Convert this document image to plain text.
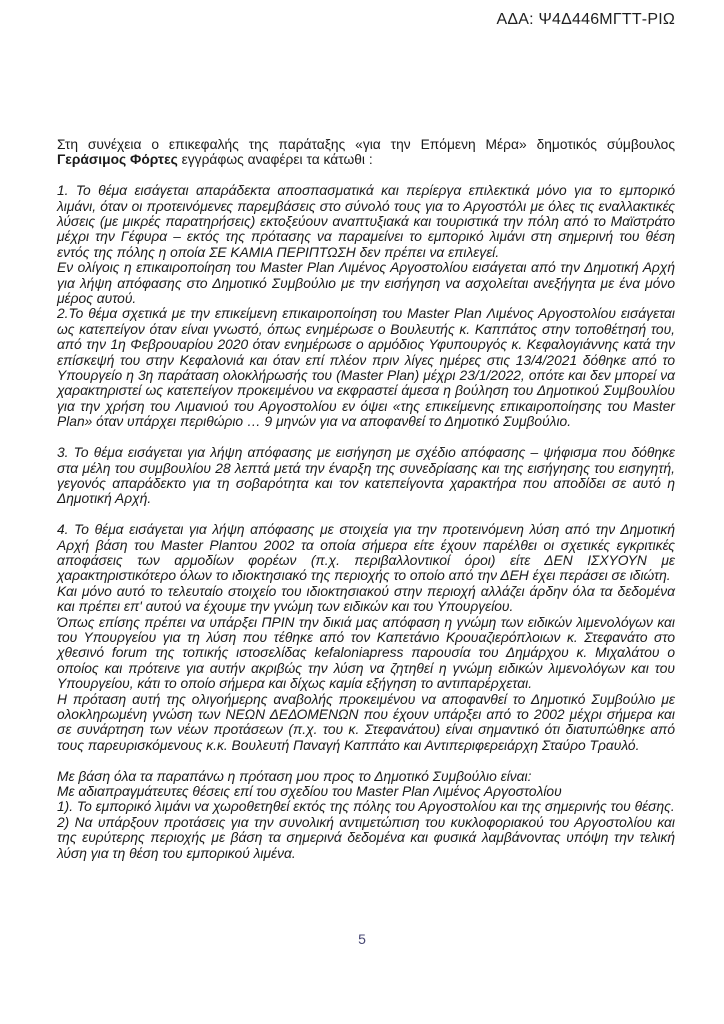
ΑΔΑ: Ψ4Δ446ΜΓΤΤ-ΡΙΩ

Στη συνέχεια ο επικεφαλής της παράταξης «για την Επόμενη Μέρα» δημοτικός σύμβουλος Γεράσιμος Φόρτες εγγράφως αναφέρει τα κάτωθι :

1. Το θέμα εισάγεται απαράδεκτα αποσπασματικά και περίεργα επιλεκτικά μόνο για το εμπορικό λιμάνι, όταν οι προτεινόμενες παρεμβάσεις στο σύνολό τους για το Αργοστόλι με όλες τις εναλλακτικές λύσεις (με μικρές παρατηρήσεις) εκτοξεύουν αναπτυξιακά και τουριστικά την πόλη από το Μαϊστράτο μέχρι την Γέφυρα – εκτός της πρότασης να παραμείνει το εμπορικό λιμάνι στη σημερινή του θέση εντός της πόλης η οποία ΣΕ ΚΑΜΙΑ ΠΕΡΙΠΤΩΣΗ δεν πρέπει να επιλεγεί.

Εν ολίγοις η επικαιροποίηση του Master Plan Λιμένος Αργοστολίου εισάγεται από την Δημοτική Αρχή για λήψη απόφασης στο Δημοτικό Συμβούλιο με την εισήγηση να ασχολείται ανεξήγητα με ένα μόνο μέρος αυτού.

2.Το θέμα σχετικά με την επικείμενη επικαιροποίηση του Master Plan Λιμένος Αργοστολίου εισάγεται ως κατεπείγον όταν είναι γνωστό, όπως ενημέρωσε ο Βουλευτής κ. Καππάτος στην τοποθέτησή του, από την 1η Φεβρουαρίου 2020 όταν ενημέρωσε ο αρμόδιος Υφυπουργός κ. Κεφαλογιάννης κατά την επίσκεψή του στην Κεφαλονιά και όταν επί πλέον πριν λίγες ημέρες στις 13/4/2021 δόθηκε από το Υπουργείο η 3η παράταση ολοκλήρωσής του (Master Plan) μέχρι 23/1/2022, οπότε και δεν μπορεί να χαρακτηριστεί ως κατεπείγον προκειμένου να εκφραστεί άμεσα η βούληση του Δημοτικού Συμβουλίου για την χρήση του Λιμανιού του Αργοστολίου εν όψει «της επικείμενης επικαιροποίησης του Master Plan» όταν υπάρχει περιθώριο … 9 μηνών για να αποφανθεί το Δημοτικό Συμβούλιο.

3. Το θέμα εισάγεται για λήψη απόφασης με εισήγηση με σχέδιο απόφασης – ψήφισμα που δόθηκε στα μέλη του συμβουλίου 28 λεπτά μετά την έναρξη της συνεδρίασης και της εισήγησης του εισηγητή, γεγονός απαράδεκτο για τη σοβαρότητα και τον κατεπείγοντα χαρακτήρα που αποδίδει σε αυτό η Δημοτική Αρχή.

4. Το θέμα εισάγεται για λήψη απόφασης με στοιχεία για την προτεινόμενη λύση από την Δημοτική Αρχή βάση του Master Planτου 2002 τα οποία σήμερα είτε έχουν παρέλθει οι σχετικές εγκριτικές αποφάσεις των αρμοδίων φορέων (π.χ. περιβαλλοντικοί όροι) είτε ΔΕΝ ΙΣΧΥΟΥΝ με χαρακτηριστικότερο όλων το ιδιοκτησιακό της περιοχής το οποίο από την ΔΕΗ έχει περάσει σε ιδιώτη.

Και μόνο αυτό το τελευταίο στοιχείο του ιδιοκτησιακού στην περιοχή αλλάζει άρδην όλα τα δεδομένα και πρέπει επ' αυτού να έχουμε την γνώμη των ειδικών και του Υπουργείου.

Όπως επίσης πρέπει να υπάρξει ΠΡΙΝ την δικιά μας απόφαση η γνώμη των ειδικών λιμενολόγων και του Υπουργείου για τη λύση που τέθηκε από τον Καπετάνιο Κρουαζιερόπλοιων κ. Στεφανάτο στο χθεσινό forum της τοπικής ιστοσελίδας kefaloniapress παρουσία του Δημάρχου κ. Μιχαλάτου ο οποίος και πρότεινε για αυτήν ακριβώς την λύση να ζητηθεί η γνώμη ειδικών λιμενολόγων και του Υπουργείου, κάτι το οποίο σήμερα και δίχως καμία εξήγηση το αντιπαρέρχεται.

Η πρόταση αυτή της ολιγοήμερης αναβολής προκειμένου να αποφανθεί το Δημοτικό Συμβούλιο με ολοκληρωμένη γνώση των ΝΕΩΝ ΔΕΔΟΜΕΝΩΝ που έχουν υπάρξει από το 2002 μέχρι σήμερα και σε συνάρτηση των νέων προτάσεων (π.χ. του κ. Στεφανάτου) είναι σημαντικό ότι διατυπώθηκε από τους παρευρισκόμενους κ.κ. Βουλευτή Παναγή Καππάτο και Αντιπεριφερειάρχη Σταύρο Τραυλό.

Με βάση όλα τα παραπάνω η πρόταση μου προς το Δημοτικό Συμβούλιο είναι:

Με αδιαπραγμάτευτες θέσεις επί του σχεδίου του Master Plan Λιμένος Αργοστολίου

1). Το εμπορικό λιμάνι να χωροθετηθεί εκτός της πόλης του Αργοστολίου και της σημερινής του θέσης.

2) Να υπάρξουν προτάσεις για την συνολική αντιμετώπιση του κυκλοφοριακού του Αργοστολίου και της ευρύτερης περιοχής με βάση τα σημερινά δεδομένα και φυσικά λαμβάνοντας υπόψη την τελική λύση για τη θέση του εμπορικού λιμένα.

5
